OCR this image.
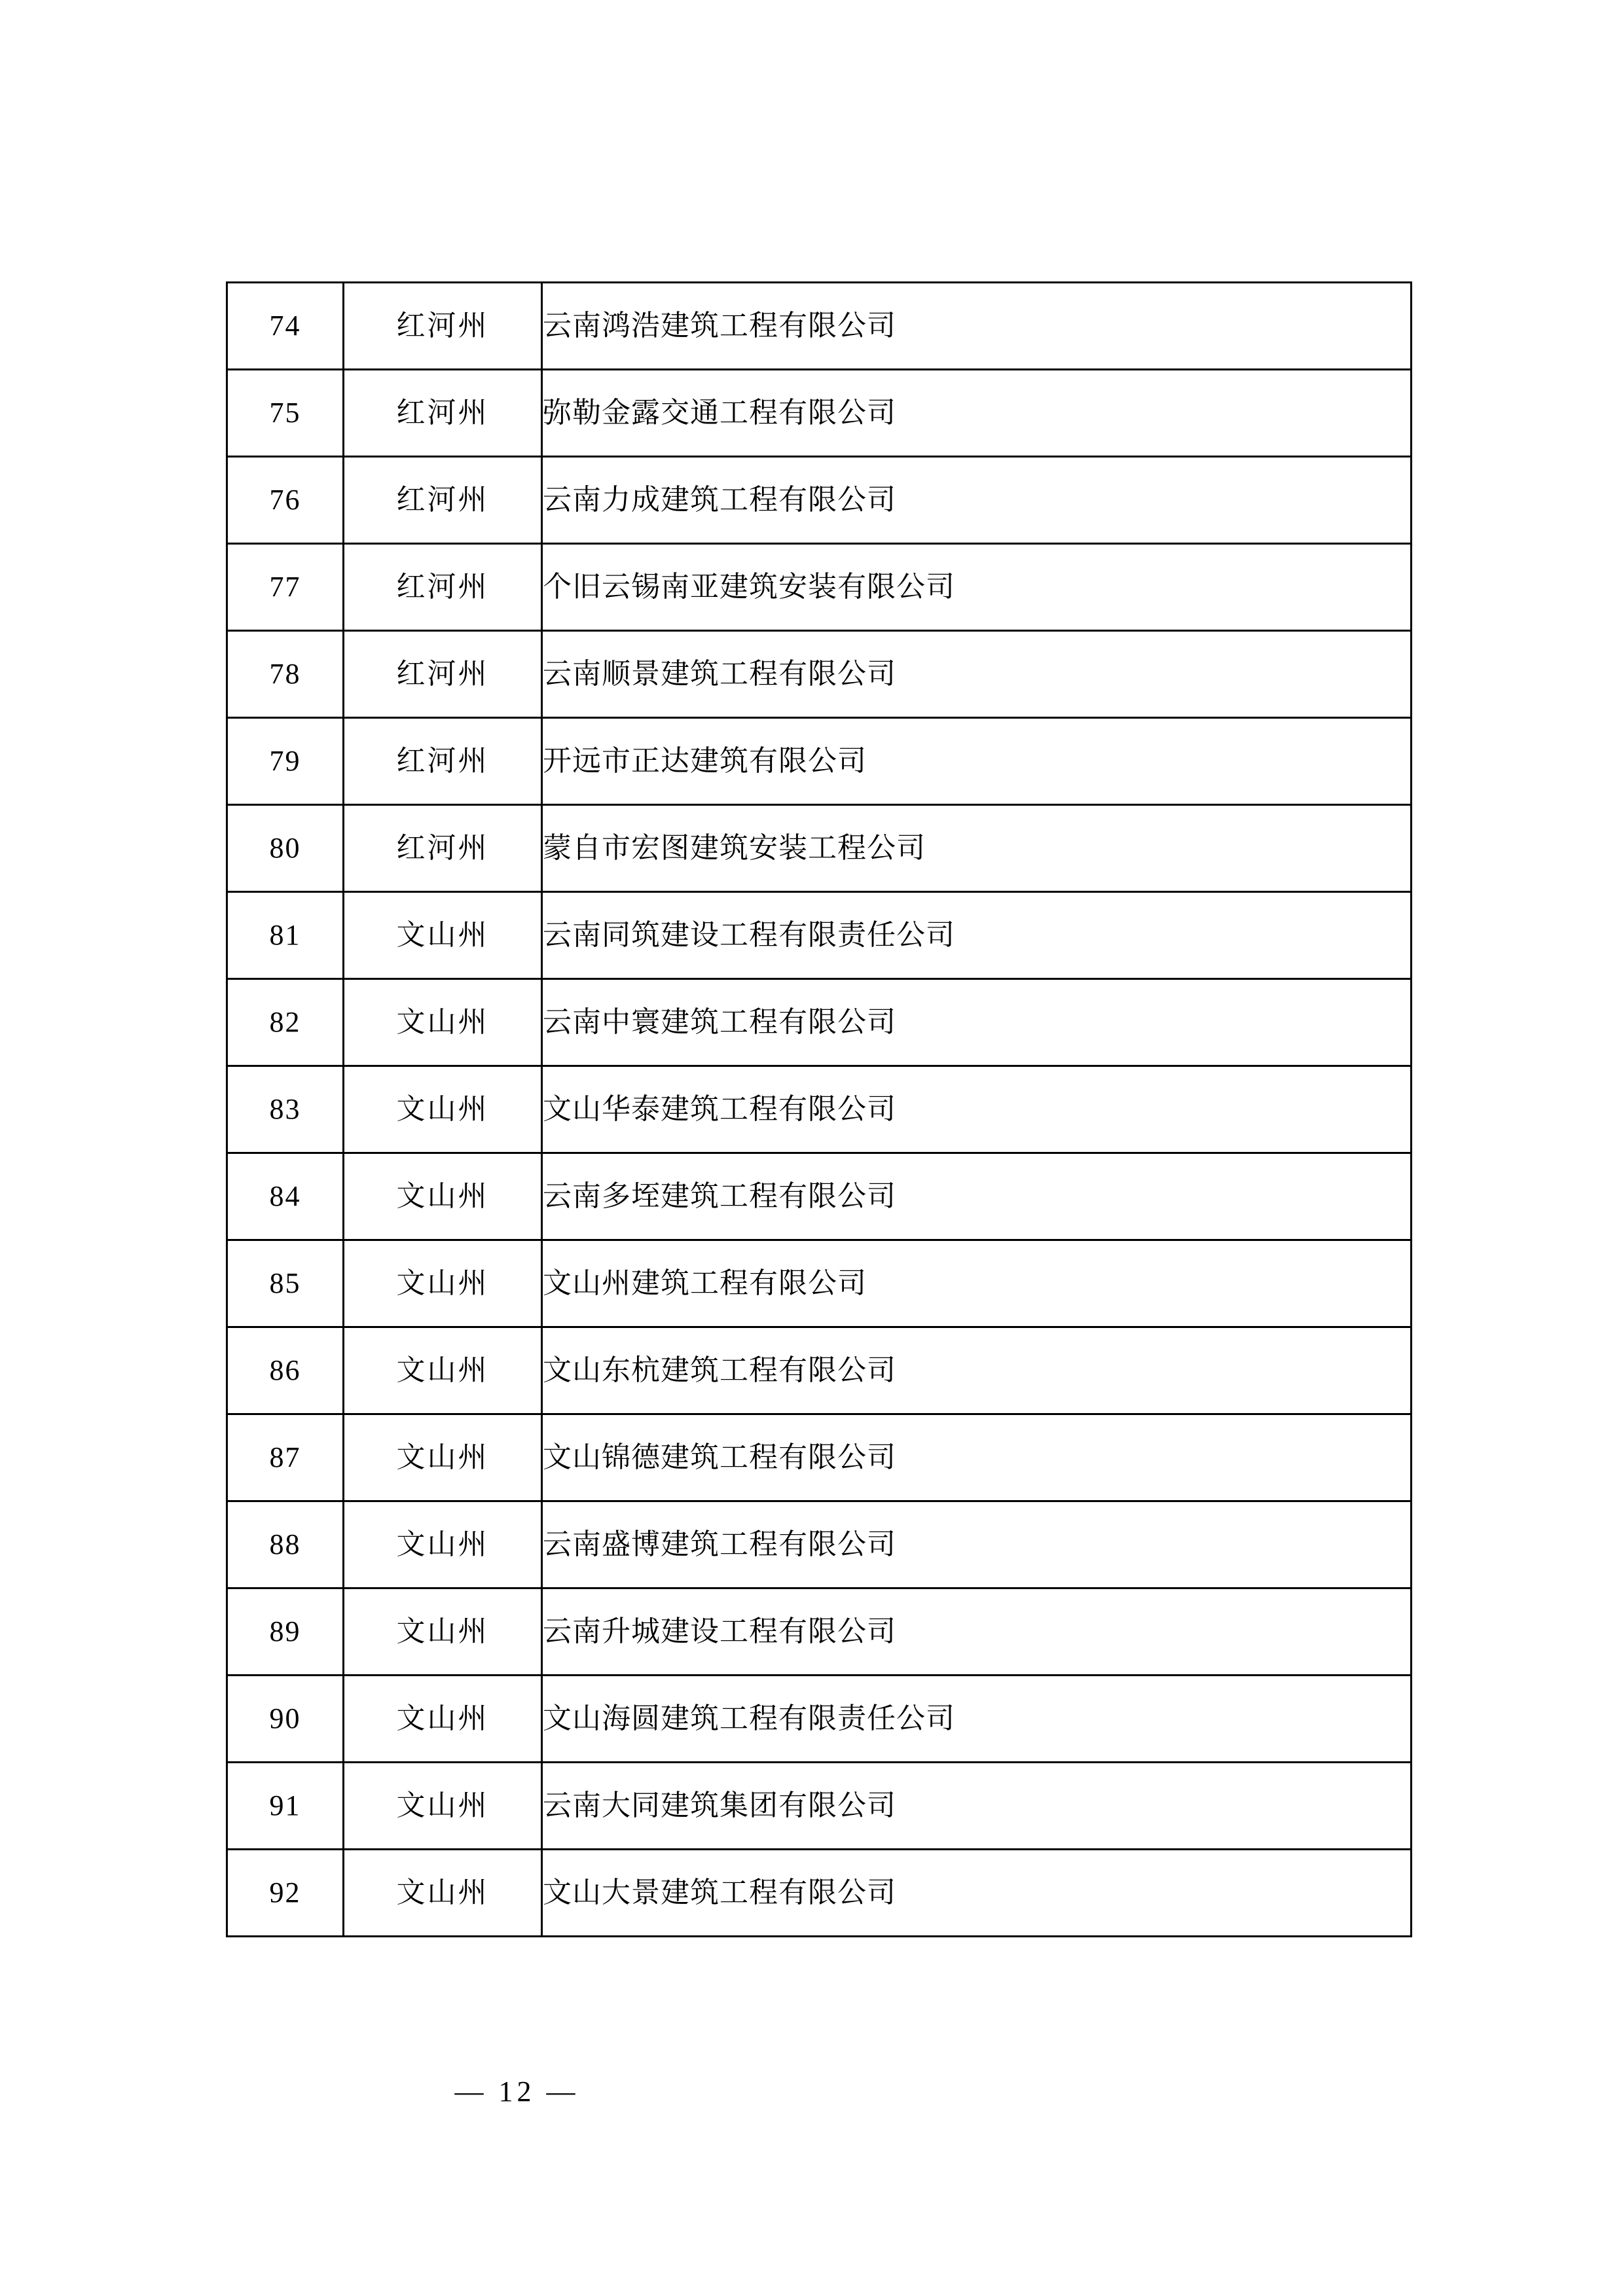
74	红河州	云南鸿浩建筑工程有限公司
75	红河州	弥勒金露交通工程有限公司
76	红河州	云南力成建筑工程有限公司
77	红河州	个旧云锡南亚建筑安装有限公司
78	红河州	云南顺景建筑工程有限公司
79	红河州	开远市正达建筑有限公司
80	红河州	蒙自市宏图建筑安装工程公司
81	文山州	云南同筑建设工程有限责任公司
82	文山州	云南中寰建筑工程有限公司
83	文山州	文山华泰建筑工程有限公司
84	文山州	云南多垤建筑工程有限公司
85	文山州	文山州建筑工程有限公司
86	文山州	文山东杭建筑工程有限公司
87	文山州	文山锦德建筑工程有限公司
88	文山州	云南盛博建筑工程有限公司
89	文山州	云南升城建设工程有限公司
90	文山州	文山海圆建筑工程有限责任公司
91	文山州	云南大同建筑集团有限公司
92	文山州	文山大景建筑工程有限公司
— 12 —
